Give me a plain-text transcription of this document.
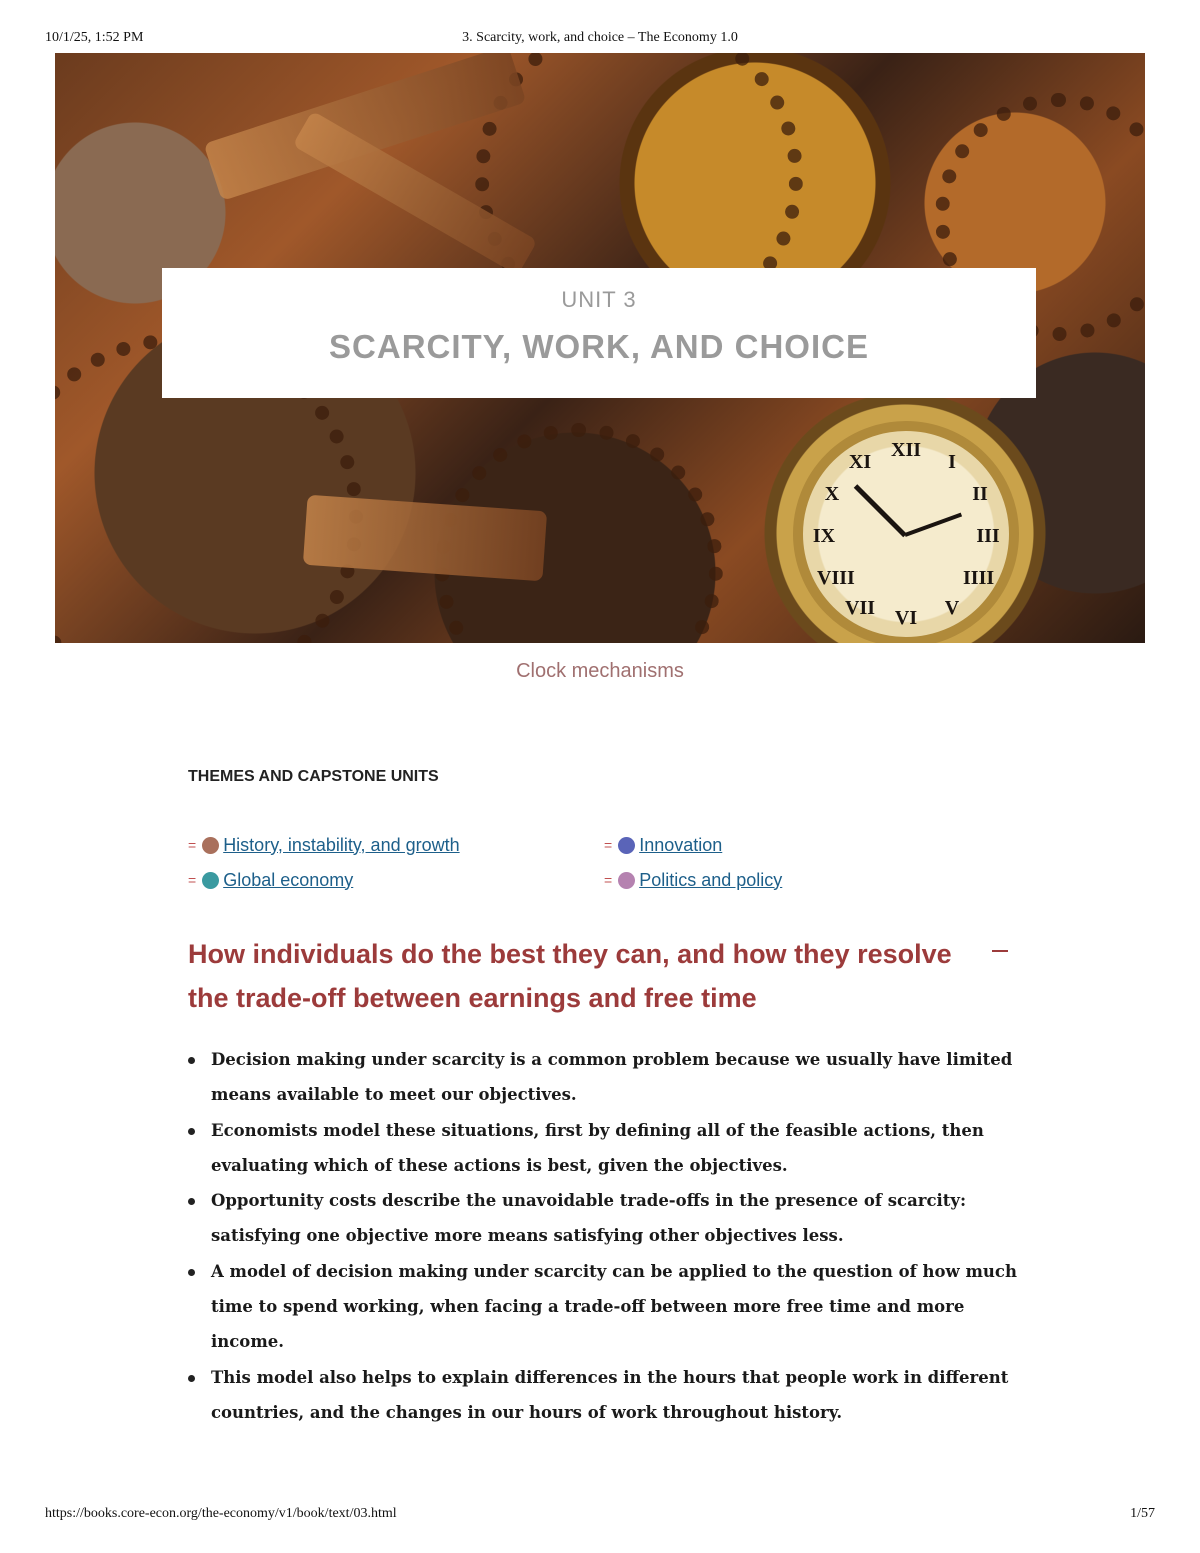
10/1/25, 1:52 PM	3. Scarcity, work, and choice – The Economy 1.0
XII
I
II
III
IIII
V
VI
VII
VIII
IX
X
XI
UNIT 3
SCARCITY, WORK, AND CHOICE
Clock mechanisms
THEMES AND CAPSTONE UNITS
= History, instability, and growth	= Innovation
= Global economy	= Politics and policy
How individuals do the best they can, and how they resolve the trade-off between earnings and free time
Decision making under scarcity is a common problem because we usually have limited means available to meet our objectives.
Economists model these situations, first by defining all of the feasible actions, then evaluating which of these actions is best, given the objectives.
Opportunity costs describe the unavoidable trade-offs in the presence of scarcity: satisfying one objective more means satisfying other objectives less.
A model of decision making under scarcity can be applied to the question of how much time to spend working, when facing a trade-off between more free time and more income.
This model also helps to explain differences in the hours that people work in different countries, and the changes in our hours of work throughout history.
https://books.core-econ.org/the-economy/v1/book/text/03.html	1/57
